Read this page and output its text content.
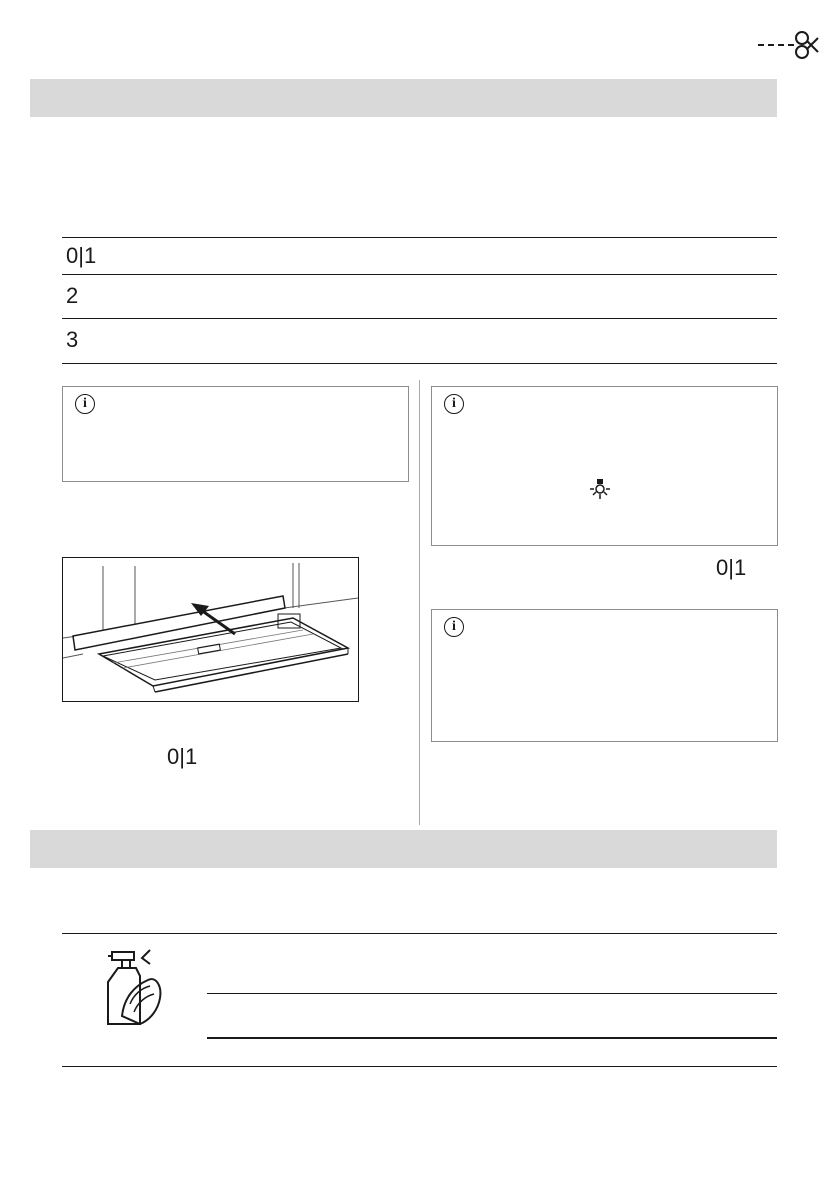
0|1
2
3
i
0|1
i
0|1
i
